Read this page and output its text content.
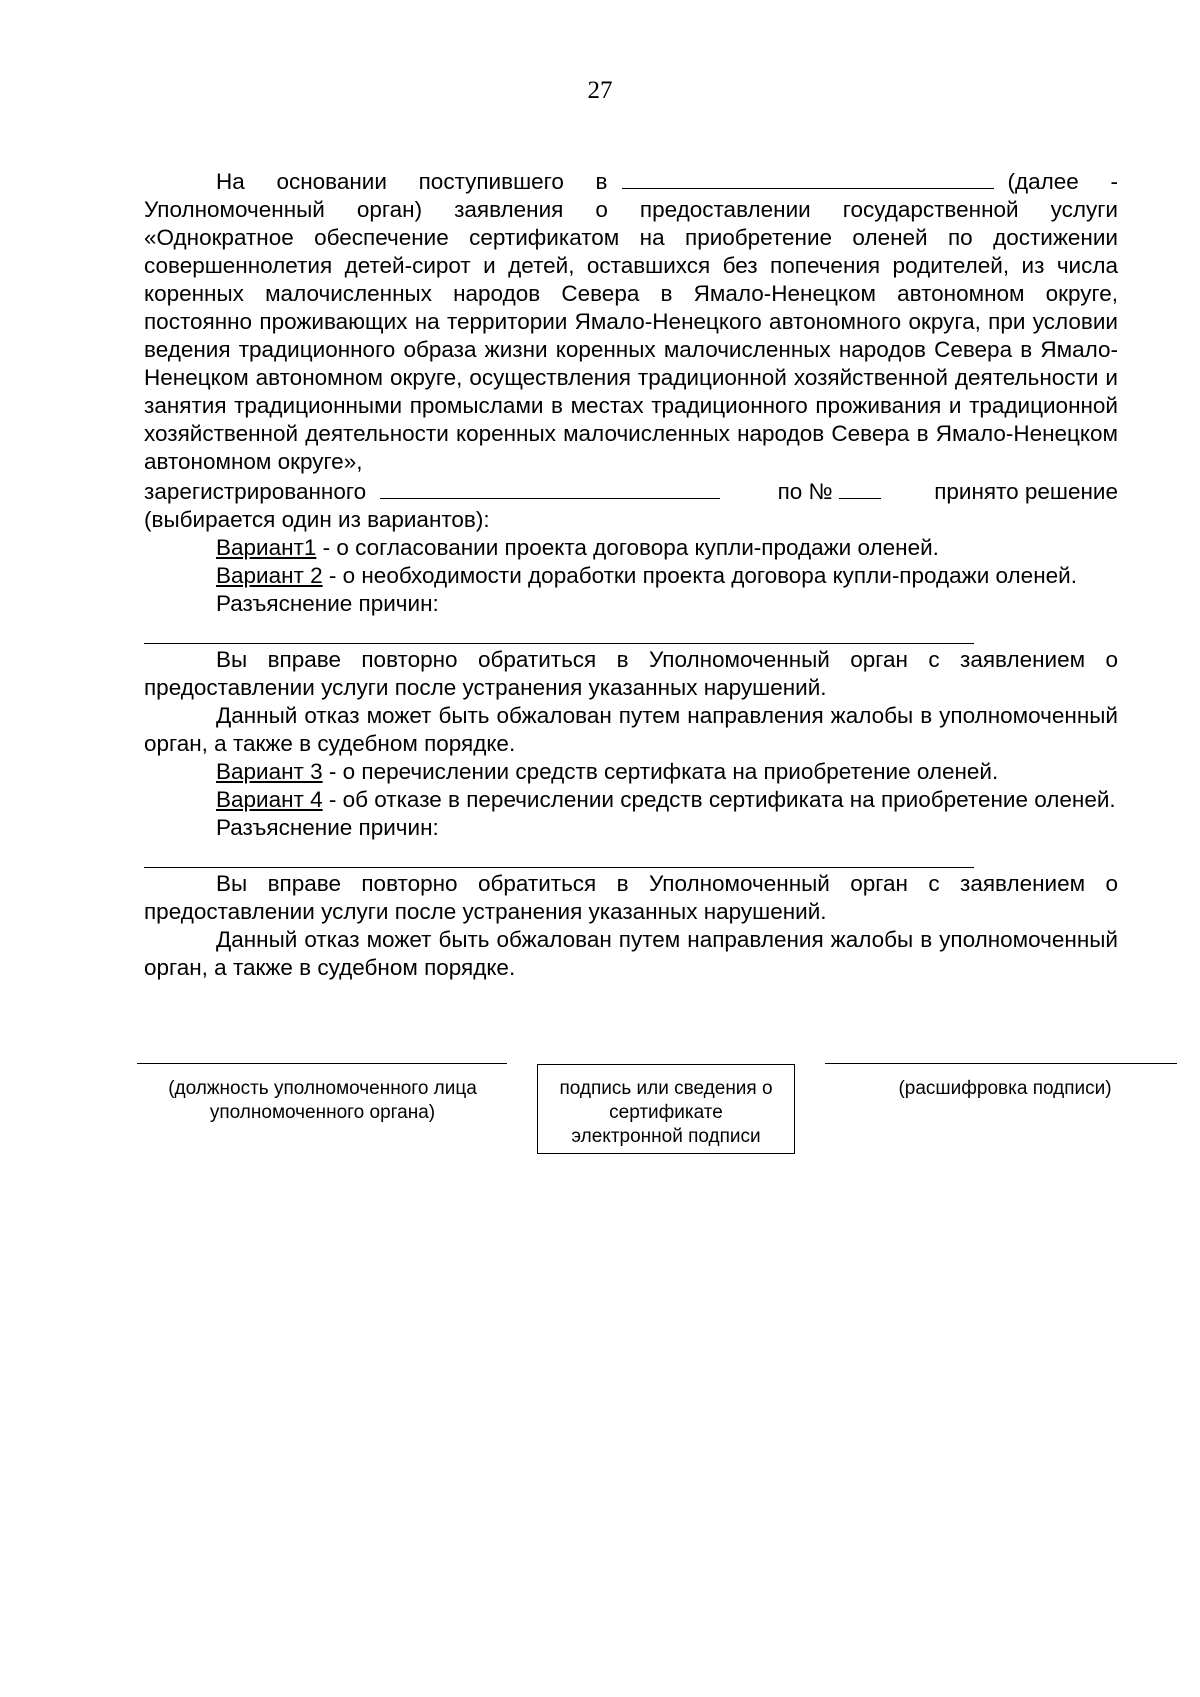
27

На основании поступившего в	(далее - Уполномоченный орган) заявления о предоставлении государственной услуги «Однократное обеспечение сертификатом на приобретение оленей по достижении совершеннолетия детей-сирот и детей, оставшихся без попечения родителей, из числа коренных малочисленных народов Севера в Ямало-Ненецком автономном округе, постоянно проживающих на территории Ямало-Ненецкого автономного округа, при условии ведения традиционного образа жизни коренных малочисленных народов Севера в Ямало-Ненецком автономном округе, осуществления традиционной хозяйственной деятельности и занятия традиционными промыслами в местах традиционного проживания и традиционной хозяйственной деятельности коренных малочисленных народов Севера в Ямало-Ненецком автономном округе»,

зарегистрированного	по №	принято решение

(выбирается один из вариантов):

Вариант1 - о согласовании проекта договора купли-продажи оленей.

Вариант 2 - о необходимости доработки проекта договора купли-продажи оленей.

Разъяснение причин:

Вы вправе повторно обратиться в Уполномоченный орган с заявлением о предоставлении услуги после устранения указанных нарушений.

Данный отказ может быть обжалован путем направления жалобы в уполномоченный орган, а также в судебном порядке.

Вариант 3 - о перечислении средств сертифката на приобретение оленей.

Вариант 4 - об отказе в перечислении средств сертификата на приобретение оленей.

Разъяснение причин:

Вы вправе повторно обратиться в Уполномоченный орган с заявлением о предоставлении услуги после устранения указанных нарушений.

Данный отказ может быть обжалован путем направления жалобы в уполномоченный орган, а также в судебном порядке.

(должность уполномоченного лица
уполномоченного органа)
подпись или сведения о
сертификате
электронной подписи
(расшифровка подписи)
